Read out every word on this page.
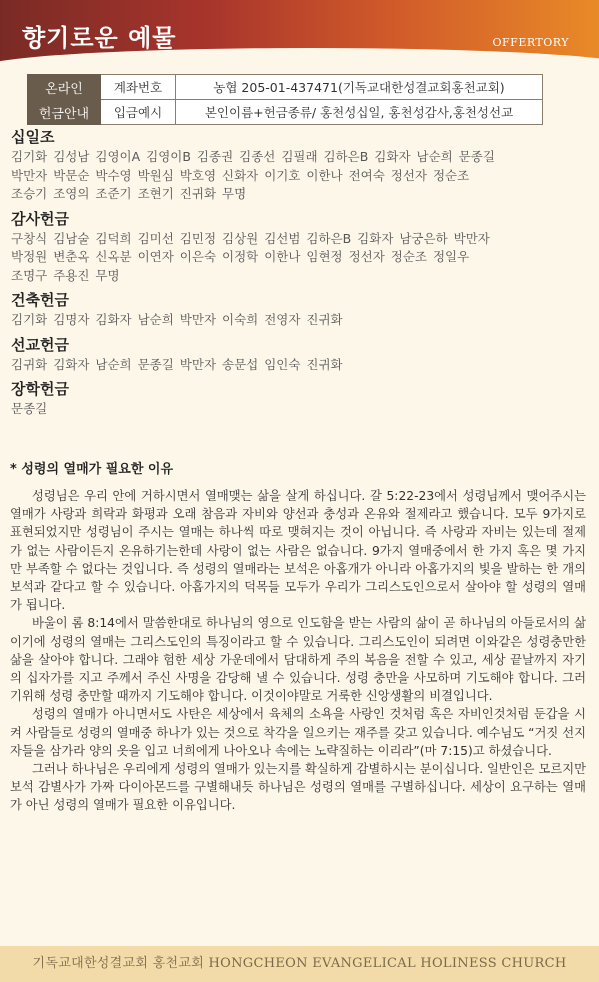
향기로운 예물	OFFERTORY
온라인	계좌번호	농협 205-01-437471(기독교대한성결교회홍천교회)
헌금안내	입금예시	본인이름+헌금종류/ 홍천성십일, 홍천성감사,홍천성선교
십일조
김기화 김성남 김영이A 김영이B 김종권 김종선 김필래 김하은B 김화자 남순희 문종길
박만자 박문순 박수영 박원심 박호영 신화자 이기호 이한나 전여숙 정선자 정순조
조승기 조영의 조준기 조현기 진귀화 무명
감사헌금
구창식 김남술 김덕희 김미선 김민정 김상원 김선범 김하은B 김화자 남궁은하 박만자
박정원 변춘옥 신옥분 이연자 이은숙 이정학 이한나 임현정 정선자 정순조 정일우
조명구 주용진 무명
건축헌금
김기화 김명자 김화자 남순희 박만자 이숙희 전영자 진귀화
선교헌금
김귀화 김화자 남순희 문종길 박만자 송문섭 임인숙 진귀화
장학헌금
문종길
* 성령의 열매가 필요한 이유

성령님은 우리 안에 거하시면서 열매맺는 삶을 살게 하십니다. 갈 5:22-23에서 성령님께서 맺어주시는 열매가 사랑과 희락과 화평과 오래 참음과 자비와 양선과 충성과 온유와 절제라고 했습니다. 모두 9가지로 표현되었지만 성령님이 주시는 열매는 하나씩 따로 맺혀지는 것이 아닙니다. 즉 사랑과 자비는 있는데 절제가 없는 사람이든지 온유하기는한데 사랑이 없는 사람은 없습니다. 9가지 열매중에서 한 가지 혹은 몇 가지만 부족할 수 없다는 것입니다. 즉 성령의 열매라는 보석은 아홉개가 아니라 아홉가지의 빛을 발하는 한 개의 보석과 같다고 할 수 있습니다. 아홉가지의 덕목들 모두가 우리가 그리스도인으로서 살아야 할 성령의 열매가 됩니다.

바울이 롬 8:14에서 말씀한대로 하나님의 영으로 인도함을 받는 사람의 삶이 곧 하나님의 아들로서의 삶이기에 성령의 열매는 그리스도인의 특징이라고 할 수 있습니다. 그리스도인이 되려면 이와같은 성령충만한 삶을 살아야 합니다. 그래야 험한 세상 가운데에서 담대하게 주의 복음을 전할 수 있고, 세상 끝날까지 자기의 십자가를 지고 주께서 주신 사명을 감당해 낼 수 있습니다. 성령 충만을 사모하며 기도해야 합니다. 그러기위해 성령 충만할 때까지 기도해야 합니다. 이것이야말로 거룩한 신앙생활의 비결입니다.

성령의 열매가 아니면서도 사탄은 세상에서 육체의 소욕을 사랑인 것처럼 혹은 자비인것처럼 둔갑을 시켜 사람들로 성령의 열매중 하나가 있는 것으로 착각을 일으키는 재주를 갖고 있습니다. 예수님도 “거짓 선지자들을 삼가라 양의 옷을 입고 너희에게 나아오나 속에는 노략질하는 이리라”(마 7:15)고 하셨습니다.

그러나 하나님은 우리에게 성령의 열매가 있는지를 확실하게 감별하시는 분이십니다. 일반인은 모르지만 보석 감별사가 가짜 다이아몬드를 구별해내듯 하나님은 성령의 열매를 구별하십니다. 세상이 요구하는 열매가 아닌 성령의 열매가 필요한 이유입니다.

기독교대한성결교회 홍천교회 HONGCHEON EVANGELICAL HOLINESS CHURCH
